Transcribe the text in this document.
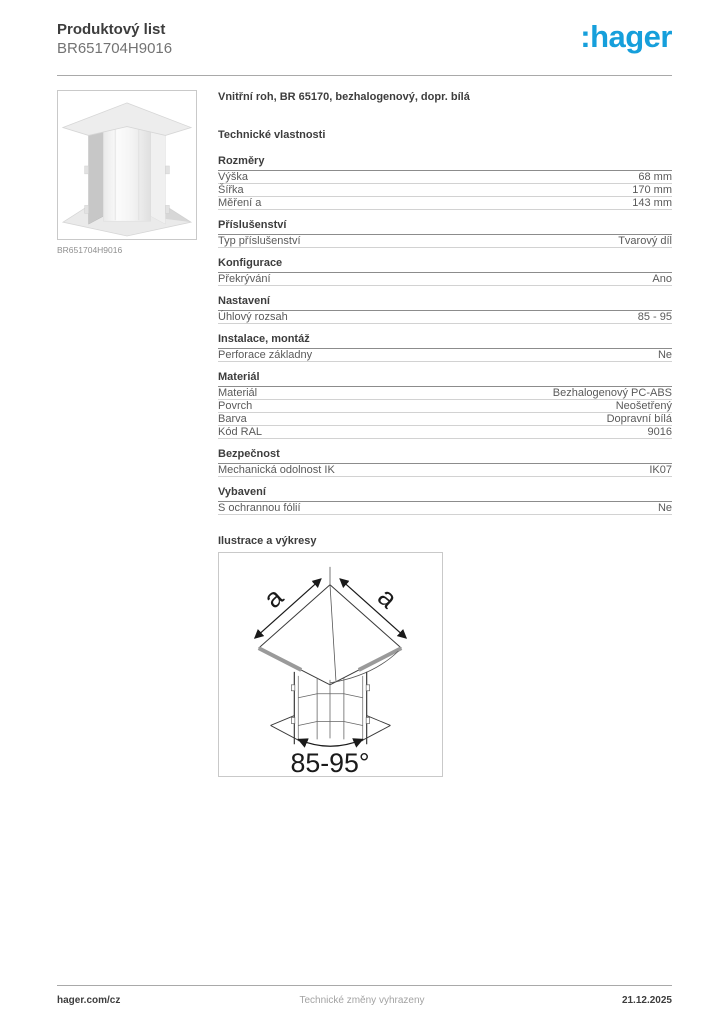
Produktový list
BR651704H9016	:hager
BR651704H9016
Vnitřní roh, BR 65170, bezhalogenový, dopr. bílá
Technické vlastnosti
Rozměry
Výška	68 mm
Šířka	170 mm
Měření a	143 mm
Příslušenství
Typ příslušenství	Tvarový díl
Konfigurace
Překrývání	Ano
Nastavení
Úhlový rozsah	85 - 95
Instalace, montáž
Perforace základny	Ne
Materiál
Materiál	Bezhalogenový PC-ABS
Povrch	Neošetřený
Barva	Dopravní bílá
Kód RAL	9016
Bezpečnost
Mechanická odolnost IK	IK07
Vybavení
S ochrannou fólií	Ne
Ilustrace a výkresy
a	a
85-95°
hager.com/cz	Technické změny vyhrazeny	21.12.2025
